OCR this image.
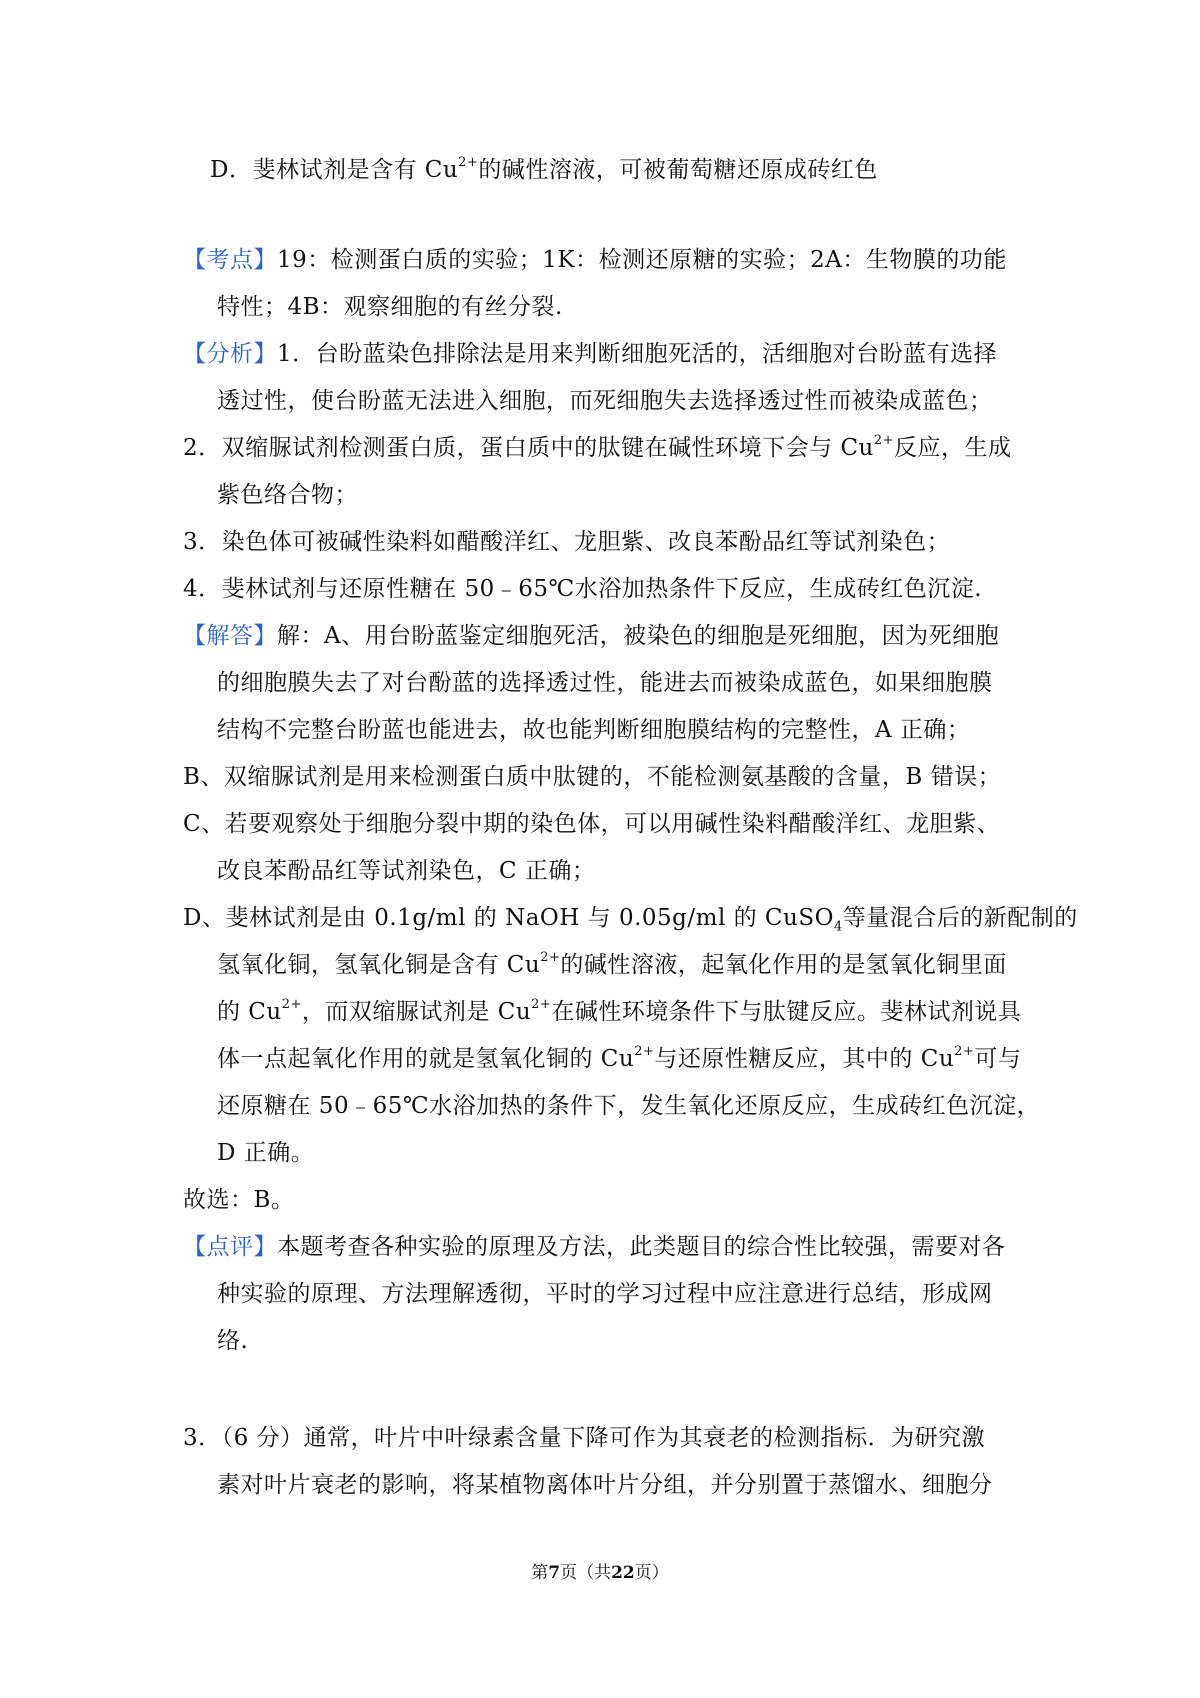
D．斐林试剂是含有 $Cu^{2+}$的碱性溶液，可被葡萄糖还原成砖红色
【考点】19：检测蛋白质的实验；1K：检测还原糖的实验；2A：生物膜的功能
特性；4B：观察细胞的有丝分裂.
【分析】1．台盼蓝染色排除法是用来判断细胞死活的，活细胞对台盼蓝有选择
透过性，使台盼蓝无法进入细胞，而死细胞失去选择透过性而被染成蓝色；
2．双缩脲试剂检测蛋白质，蛋白质中的肽键在碱性环境下会与 $Cu^{2+}$反应，生成
紫色络合物；
3．染色体可被碱性染料如醋酸洋红、龙胆紫、改良苯酚品红等试剂染色；
4．斐林试剂与还原性糖在 50﹣65℃水浴加热条件下反应，生成砖红色沉淀.
【解答】解：A、用台盼蓝鉴定细胞死活，被染色的细胞是死细胞，因为死细胞
的细胞膜失去了对台酚蓝的选择透过性，能进去而被染成蓝色，如果细胞膜
结构不完整台盼蓝也能进去，故也能判断细胞膜结构的完整性，A 正确；
B、双缩脲试剂是用来检测蛋白质中肽键的，不能检测氨基酸的含量，B 错误；
C、若要观察处于细胞分裂中期的染色体，可以用碱性染料醋酸洋红、龙胆紫、
改良苯酚品红等试剂染色，C 正确；
D、斐林试剂是由 0.1g/ml 的 NaOH 与 0.05g/ml 的 CuSO$_4$等量混合后的新配制的
氢氧化铜，氢氧化铜是含有 $Cu^{2+}$的碱性溶液，起氧化作用的是氢氧化铜里面
的 $Cu^{2+}$，而双缩脲试剂是 $Cu^{2+}$在碱性环境条件下与肽键反应。斐林试剂说具
体一点起氧化作用的就是氢氧化铜的 $Cu^{2+}$与还原性糖反应，其中的 $Cu^{2+}$可与
还原糖在 50﹣65℃水浴加热的条件下，发生氧化还原反应，生成砖红色沉淀，
D 正确。
故选：B。
【点评】本题考查各种实验的原理及方法，此类题目的综合性比较强，需要对各
种实验的原理、方法理解透彻，平时的学习过程中应注意进行总结，形成网
络.
3．（6 分）通常，叶片中叶绿素含量下降可作为其衰老的检测指标．为研究激
素对叶片衰老的影响，将某植物离体叶片分组，并分别置于蒸馏水、细胞分
第7页（共22页）
